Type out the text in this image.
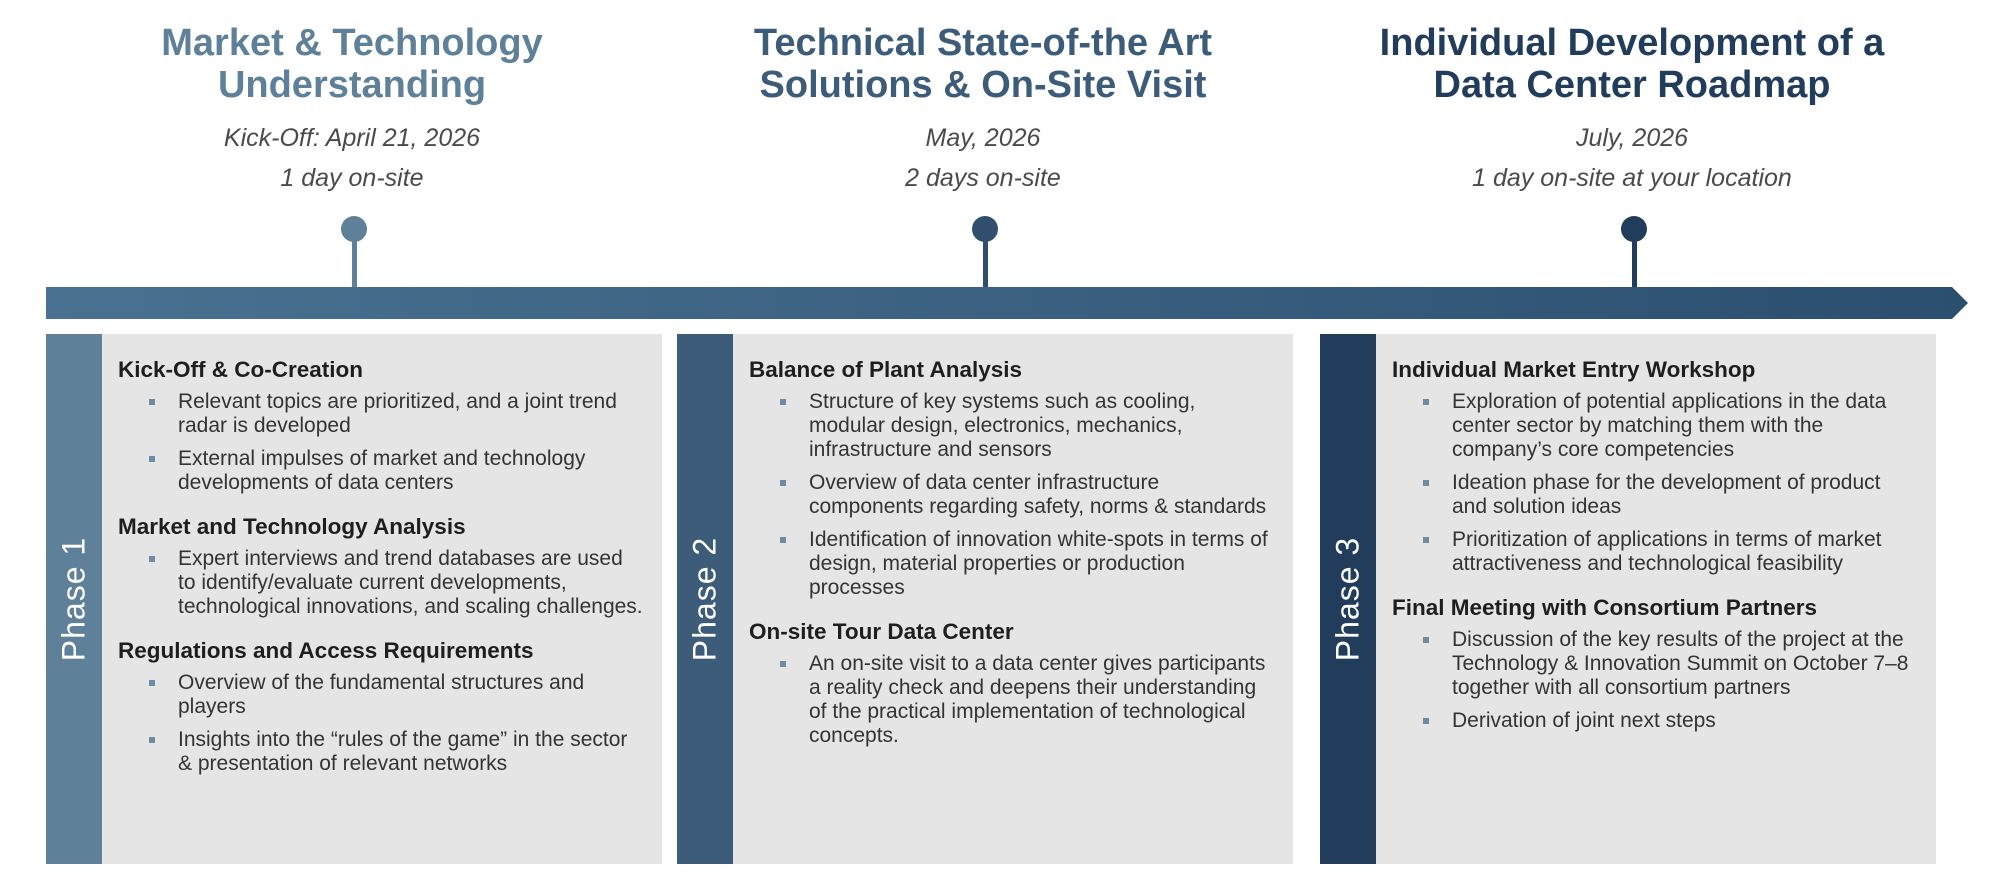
Market & Technology Understanding
Kick-Off: April 21, 2026
1 day on-site
Technical State-of-the Art Solutions & On-Site Visit
May, 2026
2 days on-site
Individual Development of a Data Center Roadmap
July, 2026
1 day on-site at your location
Phase 1
Kick-Off & Co-Creation
Relevant topics are prioritized, and a joint trend radar is developed
External impulses of market and technology developments of data centers
Market and Technology Analysis
Expert interviews and trend databases are used to identify/evaluate current developments, technological innovations, and scaling challenges.
Regulations and Access Requirements
Overview of the fundamental structures and players
Insights into the “rules of the game” in the sector & presentation of relevant networks
Phase 2
Balance of Plant Analysis
Structure of key systems such as cooling, modular design, electronics, mechanics, infrastructure and sensors
Overview of data center infrastructure components regarding safety, norms & standards
Identification of innovation white-spots in terms of design, material properties or production processes
On-site Tour Data Center
An on-site visit to a data center gives participants a reality check and deepens their understanding of the practical implementation of technological concepts.
Phase 3
Individual Market Entry Workshop
Exploration of potential applications in the data center sector by matching them with the company’s core competencies
Ideation phase for the development of product and solution ideas
Prioritization of applications in terms of market attractiveness and technological feasibility
Final Meeting with Consortium Partners
Discussion of the key results of the project at the Technology & Innovation Summit on October 7–8 together with all consortium partners
Derivation of joint next steps
